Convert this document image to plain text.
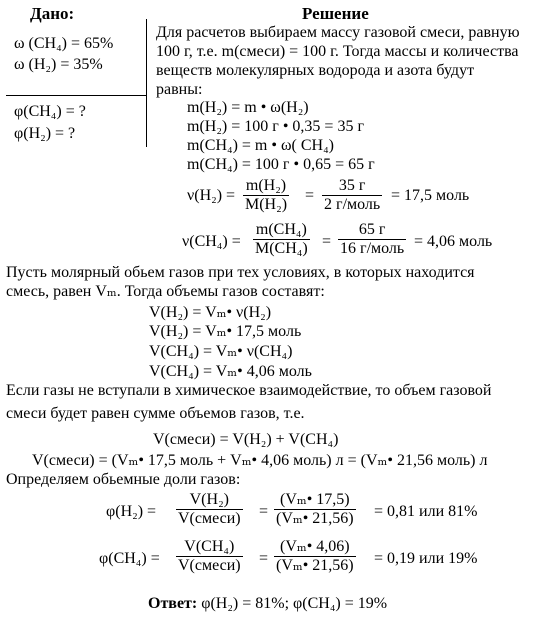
Дано:
ω (CH₄) = 65%
ω (H₂) = 35%
φ(CH₄) = ?
φ(H₂) = ?
Решение
Для расчетов выбираем массу газовой смеси, равную
100 г, т.е. m(смеси) = 100 г. Тогда массы и количества
веществ молекулярных водорода и азота будут
равны:
m(H₂) = m • ω(H₂)
m(H₂) = 100 г • 0,35 = 35 г
m(CH₄) = m • ω( CH₄)
m(CH₄) = 100 г • 0,65 = 65 г
$\nu(H_2) = \frac{\text{m(H₂)}}{\text{M(H₂)}}$ =
35 г
2 г/моль
= 17,5 моль
$\nu(CH_4) = \frac{\text{m(CH₄)}}{\text{M(CH₄)}}$ =
65 г
16 г/моль = 4,06 моль
Пусть молярный обьем газов при тех условиях, в которых находится
смесь, равен Vₘ. Тогда объемы газов составят:
V(H₂) = Vₘ• ν(H₂)
V(H₂) = Vₘ• 17,5 моль
V(CH₄) = Vₘ• ν(CH₄)
V(CH₄) = Vₘ• 4,06 моль
Если газы не вступали в химическое взаимодействие, то объем газовой
смеси будет равен сумме объемов газов, т.е.
V(смеси) = V(H₂) + V(CH₄)
V(смеси) = (Vₘ• 17,5 моль + Vₘ• 4,06 моль) л = (Vₘ• 21,56 моль) л
Определяем обьемные доли газов:
φ(H₂) =
V(H₂)
V(смеси) = $\frac{\text{(Vₘ• 17,5)}}{\text{(Vₘ• 21,56)}} = 0,81$ или 81%
φ(CH₄) =
V(CH₄)
V(смеси) = $\frac{\text{(Vₘ• 4,06)}}{\text{(Vₘ• 21,56)}} = 0,19$ или 19%
Ответ: φ(H₂) = 81%; φ(CH₄) = 19%
